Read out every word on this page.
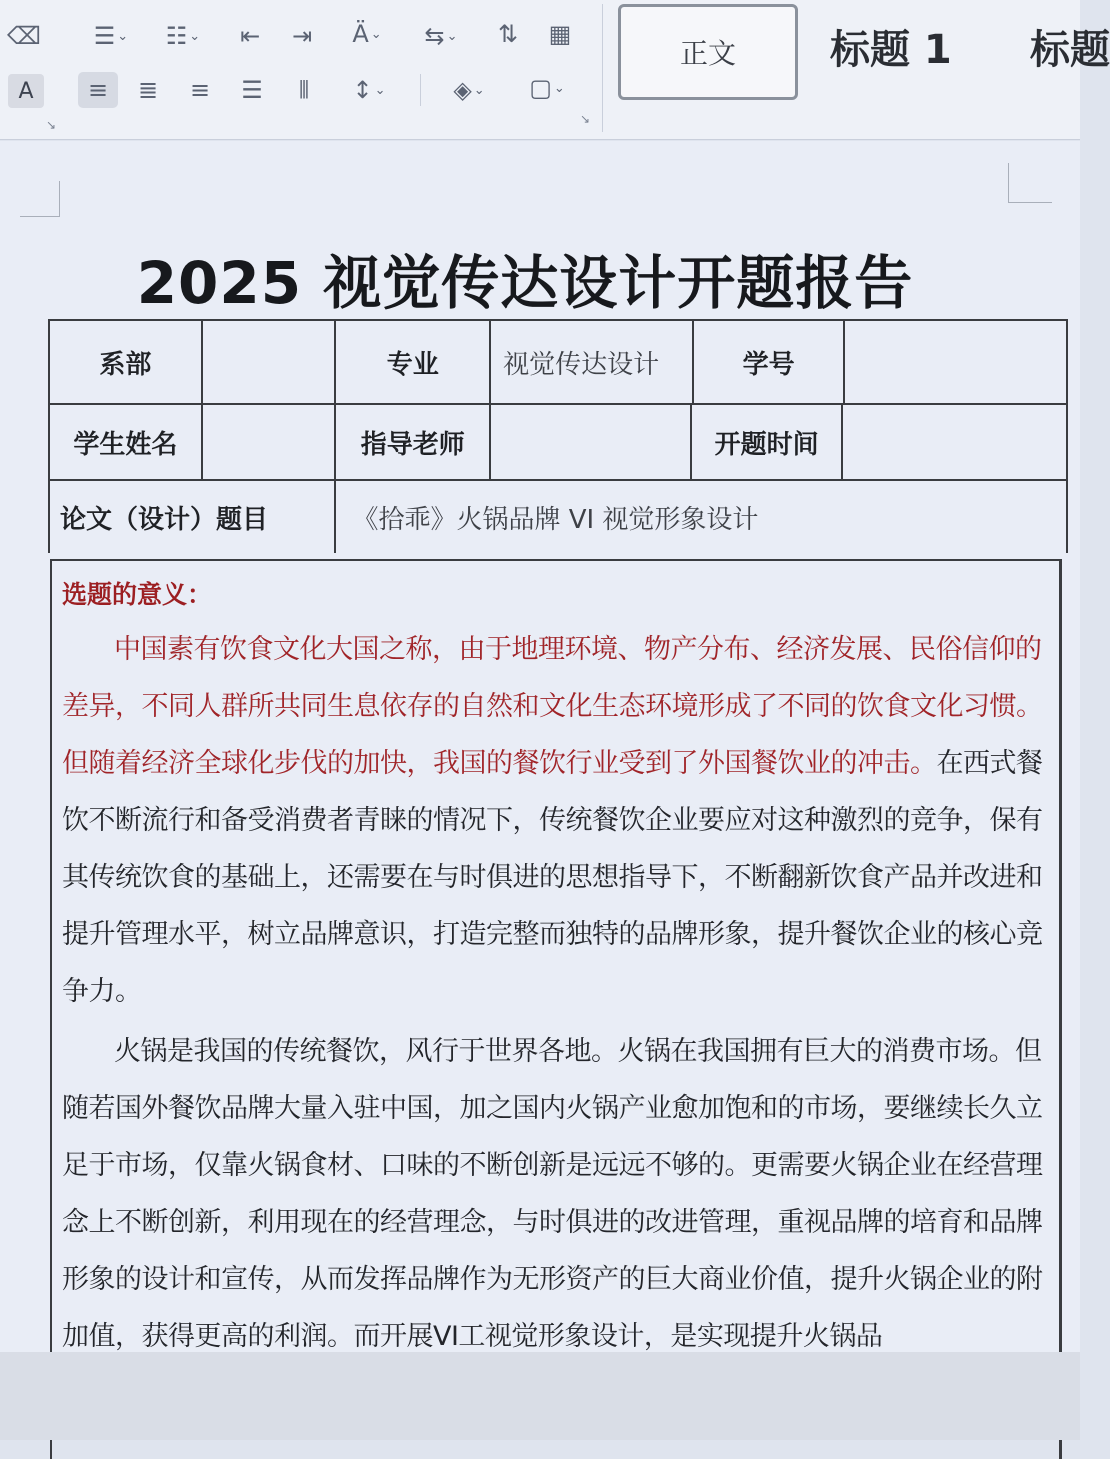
⌫ ☰ ⌄ ☷ ⌄	⇤	⇥	Ä ⌄ ⇆ ⌄	⇅	▦
A	≡	≣	≡	☰	⦀	↕ ⌄	◈ ⌄ ▢ ⌄
↘	↘
正文 标题 1 标题
2025 视觉传达设计开题报告
系部	专业	视觉传达设计	学号
学生姓名	指导老师	开题时间
论文（设计）题目	《拾乖》火锅品牌 VI 视觉形象设计
选题的意义：
中国素有饮食文化大国之称，由于地理环境、物产分布、经济发展、民俗信仰的差异，不同人群所共同生息依存的自然和文化生态环境形成了不同的饮食文化习惯。但随着经济全球化步伐的加快，我国的餐饮行业受到了外国餐饮业的冲击。在西式餐饮不断流行和备受消费者青睐的情况下，传统餐饮企业要应对这种激烈的竞争，保有其传统饮食的基础上，还需要在与时俱进的思想指导下，不断翻新饮食产品并改进和提升管理水平，树立品牌意识，打造完整而独特的品牌形象，提升餐饮企业的核心竞争力。
火锅是我国的传统餐饮，风行于世界各地。火锅在我国拥有巨大的消费市场。但随若国外餐饮品牌大量入驻中国，加之国内火锅产业愈加饱和的市场，要继续长久立足于市场，仅靠火锅食材、口味的不断创新是远远不够的。更需要火锅企业在经营理念上不断创新，利用现在的经营理念，与时俱进的改进管理，重视品牌的培育和品牌形象的设计和宣传，从而发挥品牌作为无形资产的巨大商业价值，提升火锅企业的附加值，获得更高的利润。而开展VI工视觉形象设计，是实现提升火锅品
